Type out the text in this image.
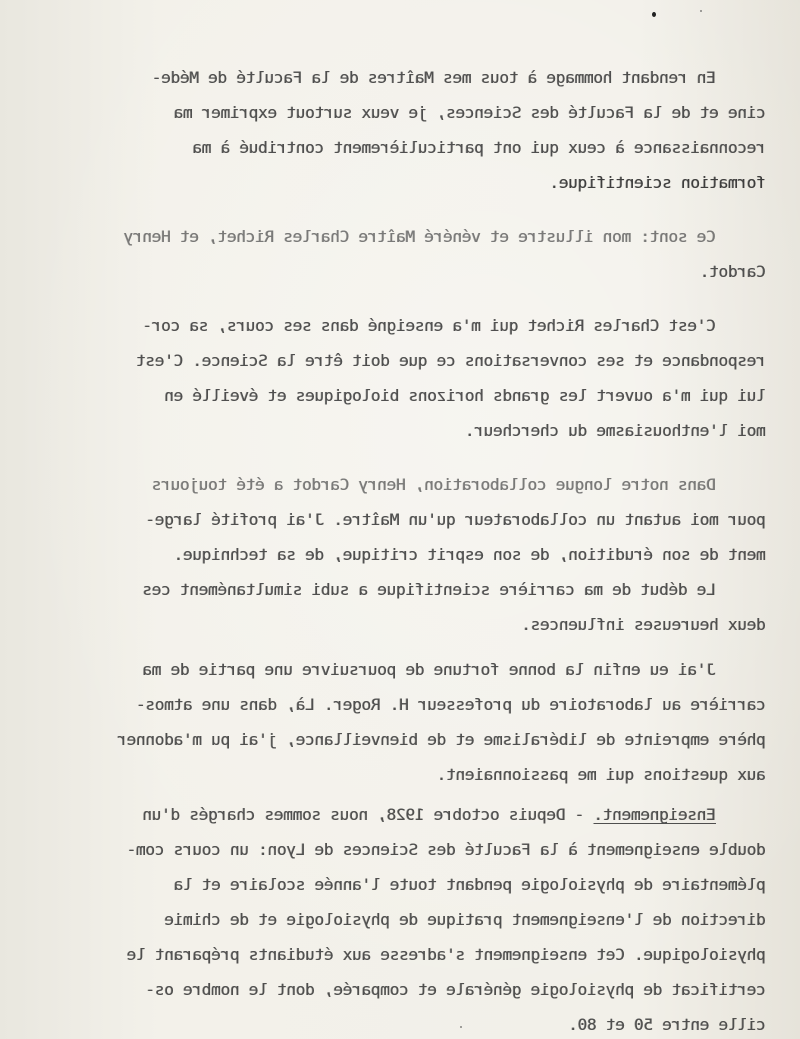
En rendant hommage à tous mes Maîtres de la Faculté de Méde-
cine et de la Faculté des Sciences, je veux surtout exprimer ma
reconnaissance à ceux qui ont particulièrement contribué à ma
formation scientifique.
Ce sont: mon illustre et vénéré Maître Charles Richet, et Henry
Cardot.
C'est Charles Richet qui m'a enseigné dans ses cours, sa cor-
respondance et ses conversations ce que doit être la Science. C'est
lui qui m'a ouvert les grands horizons biologiques et éveillé en
moi l'enthousiasme du chercheur.
Dans notre longue collaboration, Henry Cardot a été toujours
pour moi autant un collaborateur qu'un Maître. J'ai profité large-
ment de son érudition, de son esprit critique, de sa technique.
Le début de ma carrière scientifique a subi simultanément ces
deux heureuses influences.
J'ai eu enfin la bonne fortune de poursuivre une partie de ma
carrière au laboratoire du professeur H. Roger. Là, dans une atmos-
phère empreinte de libéralisme et de bienveillance, j'ai pu m'adonner
aux questions qui me passionnaient.
Enseignement. - Depuis octobre 1928, nous sommes chargés d'un
double enseignement à la Faculté des Sciences de Lyon: un cours com-
plémentaire de physiologie pendant toute l'année scolaire et la
direction de l'enseignement pratique de physiologie et de chimie
physiologique. Cet enseignement s'adresse aux étudiants préparant le
certificat de physiologie générale et comparée, dont le nombre os-
cille entre 50 et 80.
